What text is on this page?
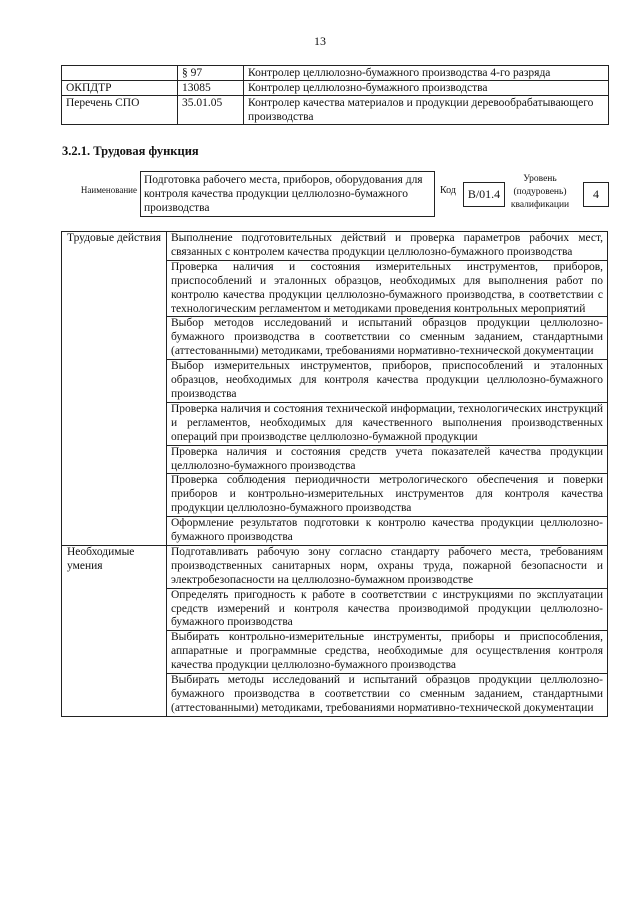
13
	§ 97	Контролер целлюлозно-бумажного производства 4-го разряда
ОКПДТР	13085	Контролер целлюлозно-бумажного производства
Перечень СПО	35.01.05	Контролер качества материалов и продукции деревообрабатывающего производства
3.2.1. Трудовая функция
Наименование
Подготовка рабочего места, приборов, оборудования для контроля качества продукции целлюлозно-бумажного производства
Код B/01.4
Уровень (подуровень) квалификации
4
Трудовые действия	Выполнение подготовительных действий и проверка параметров рабочих мест, связанных с контролем качества продукции целлюлозно-бумажного производства
	Проверка наличия и состояния измерительных инструментов, приборов, приспособлений и эталонных образцов, необходимых для выполнения работ по контролю качества продукции целлюлозно-бумажного производства, в соответствии с технологическим регламентом и методиками проведения контрольных мероприятий
	Выбор методов исследований и испытаний образцов продукции целлюлозно-бумажного производства в соответствии со сменным заданием, стандартными (аттестованными) методиками, требованиями нормативно-технической документации
	Выбор измерительных инструментов, приборов, приспособлений и эталонных образцов, необходимых для контроля качества продукции целлюлозно-бумажного производства
	Проверка наличия и состояния технической информации, технологических инструкций и регламентов, необходимых для качественного выполнения производственных операций при производстве целлюлозно-бумажной продукции
	Проверка наличия и состояния средств учета показателей качества продукции целлюлозно-бумажного производства
	Проверка соблюдения периодичности метрологического обеспечения и поверки приборов и контрольно-измерительных инструментов для контроля качества продукции целлюлозно-бумажного производства
	Оформление результатов подготовки к контролю качества продукции целлюлозно-бумажного производства
Необходимые умения	Подготавливать рабочую зону согласно стандарту рабочего места, требованиям производственных санитарных норм, охраны труда, пожарной безопасности и электробезопасности на целлюлозно-бумажном производстве
	Определять пригодность к работе в соответствии с инструкциями по эксплуатации средств измерений и контроля качества производимой продукции целлюлозно-бумажного производства
	Выбирать контрольно-измерительные инструменты, приборы и приспособления, аппаратные и программные средства, необходимые для осуществления контроля качества продукции целлюлозно-бумажного производства
	Выбирать методы исследований и испытаний образцов продукции целлюлозно-бумажного производства в соответствии со сменным заданием, стандартными (аттестованными) методиками, требованиями нормативно-технической документации
